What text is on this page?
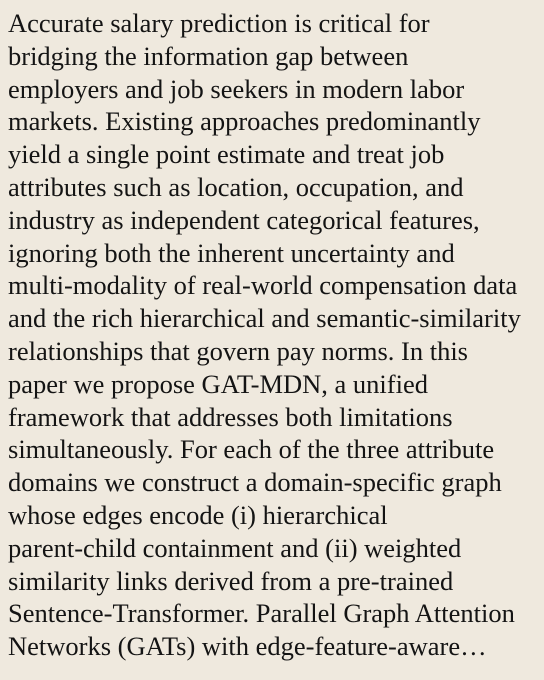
Accurate salary prediction is critical for
bridging the information gap between
employers and job seekers in modern labor
markets. Existing approaches predominantly
yield a single point estimate and treat job
attributes such as location, occupation, and
industry as independent categorical features,
ignoring both the inherent uncertainty and
multi-modality of real-world compensation data
and the rich hierarchical and semantic-similarity
relationships that govern pay norms. In this
paper we propose GAT-MDN, a unified
framework that addresses both limitations
simultaneously. For each of the three attribute
domains we construct a domain-specific graph
whose edges encode (i) hierarchical
parent-child containment and (ii) weighted
similarity links derived from a pre-trained
Sentence-Transformer. Parallel Graph Attention
Networks (GATs) with edge-feature-aware…
